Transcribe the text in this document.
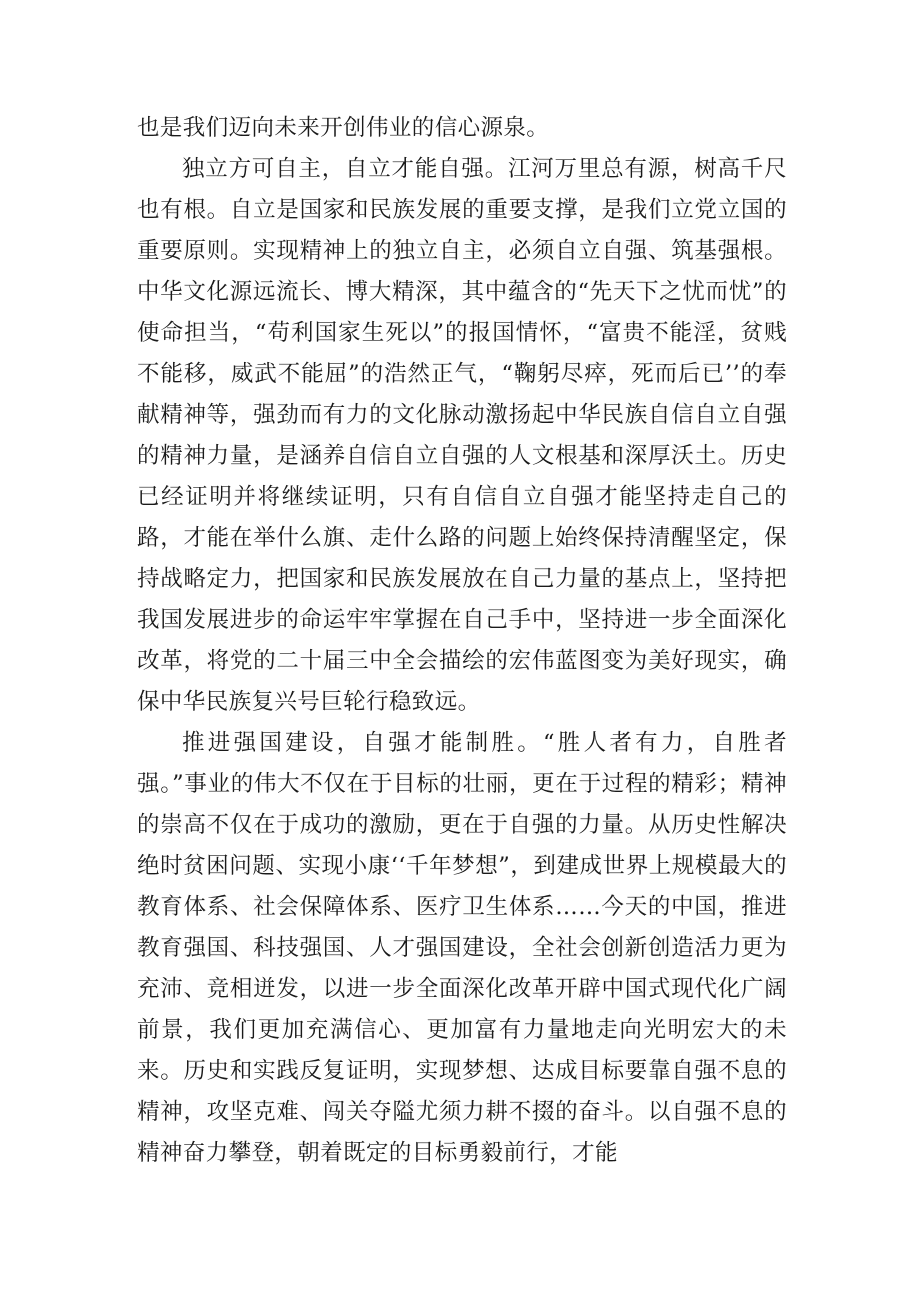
也是我们迈向未来开创伟业的信心源泉。

独立方可自主，自立才能自强。江河万里总有源，树高千尺也有根。自立是国家和民族发展的重要支撑，是我们立党立国的重要原则。实现精神上的独立自主，必须自立自强、筑基强根。中华文化源远流长、博大精深，其中蕴含的“先天下之忧而忧”的使命担当，“苟利国家生死以”的报国情怀，“富贵不能淫，贫贱不能移，威武不能屈”的浩然正气，“鞠躬尽瘁，死而后已’’的奉献精神等，强劲而有力的文化脉动激扬起中华民族自信自立自强的精神力量，是涵养自信自立自强的人文根基和深厚沃土。历史已经证明并将继续证明，只有自信自立自强才能坚持走自己的路，才能在举什么旗、走什么路的问题上始终保持清醒坚定，保持战略定力，把国家和民族发展放在自己力量的基点上，坚持把我国发展进步的命运牢牢掌握在自己手中，坚持进一步全面深化改革，将党的二十届三中全会描绘的宏伟蓝图变为美好现实，确保中华民族复兴号巨轮行稳致远。

推进强国建设，自强才能制胜。“胜人者有力，自胜者强。”事业的伟大不仅在于目标的壮丽，更在于过程的精彩；精神的崇高不仅在于成功的激励，更在于自强的力量。从历史性解决绝时贫困问题、实现小康‘‘千年梦想”，到建成世界上规模最大的教育体系、社会保障体系、医疗卫生体系……今天的中国，推进教育强国、科技强国、人才强国建设，全社会创新创造活力更为充沛、竞相迸发，以进一步全面深化改革开辟中国式现代化广阔前景，我们更加充满信心、更加富有力量地走向光明宏大的未来。历史和实践反复证明，实现梦想、达成目标要靠自强不息的精神，攻坚克难、闯关夺隘尤须力耕不掇的奋斗。以自强不息的精神奋力攀登，朝着既定的目标勇毅前行，才能
